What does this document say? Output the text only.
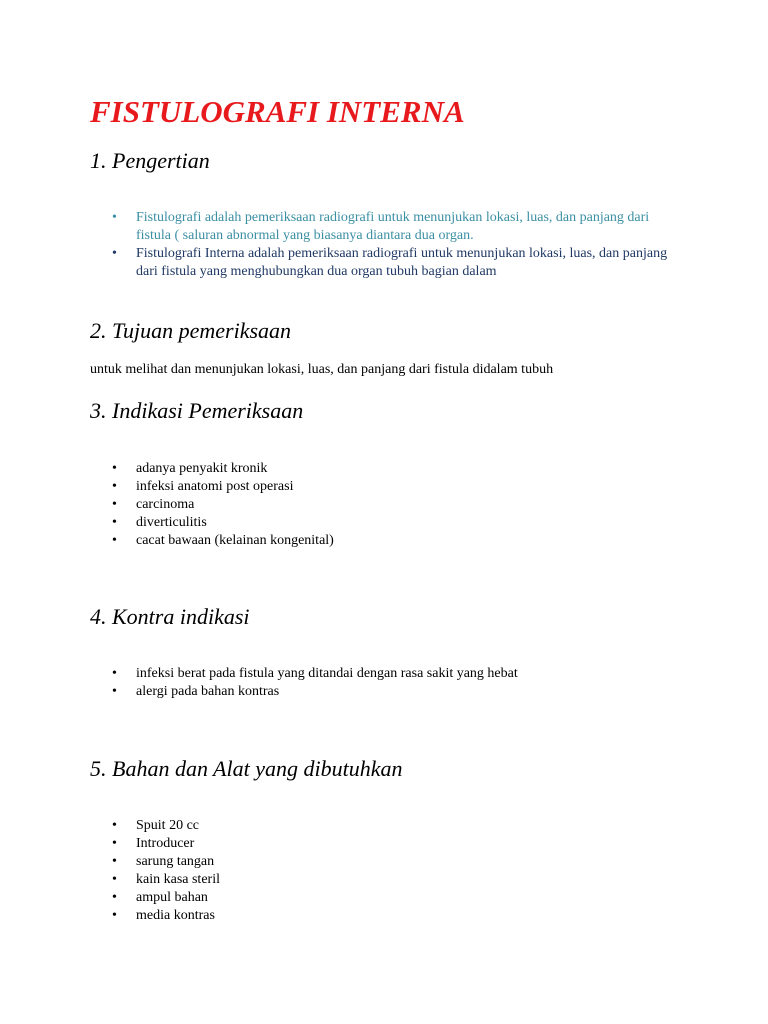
FISTULOGRAFI INTERNA
1. Pengertian
• Fistulografi adalah pemeriksaan radiografi untuk menunjukan lokasi, luas, dan panjang dari fistula ( saluran abnormal yang biasanya diantara dua organ.
• Fistulografi Interna adalah pemeriksaan radiografi untuk menunjukan lokasi, luas, dan panjang dari fistula yang menghubungkan dua organ tubuh bagian dalam
2. Tujuan pemeriksaan

untuk melihat dan menunjukan lokasi, luas, dan panjang dari fistula didalam tubuh

3. Indikasi Pemeriksaan
• adanya penyakit kronik
• infeksi anatomi post operasi
• carcinoma
• diverticulitis
• cacat bawaan (kelainan kongenital)
4. Kontra indikasi
• infeksi berat pada fistula yang ditandai dengan rasa sakit yang hebat
• alergi pada bahan kontras
5. Bahan dan Alat yang dibutuhkan
• Spuit 20 cc
• Introducer
• sarung tangan
• kain kasa steril
• ampul bahan
• media kontras
